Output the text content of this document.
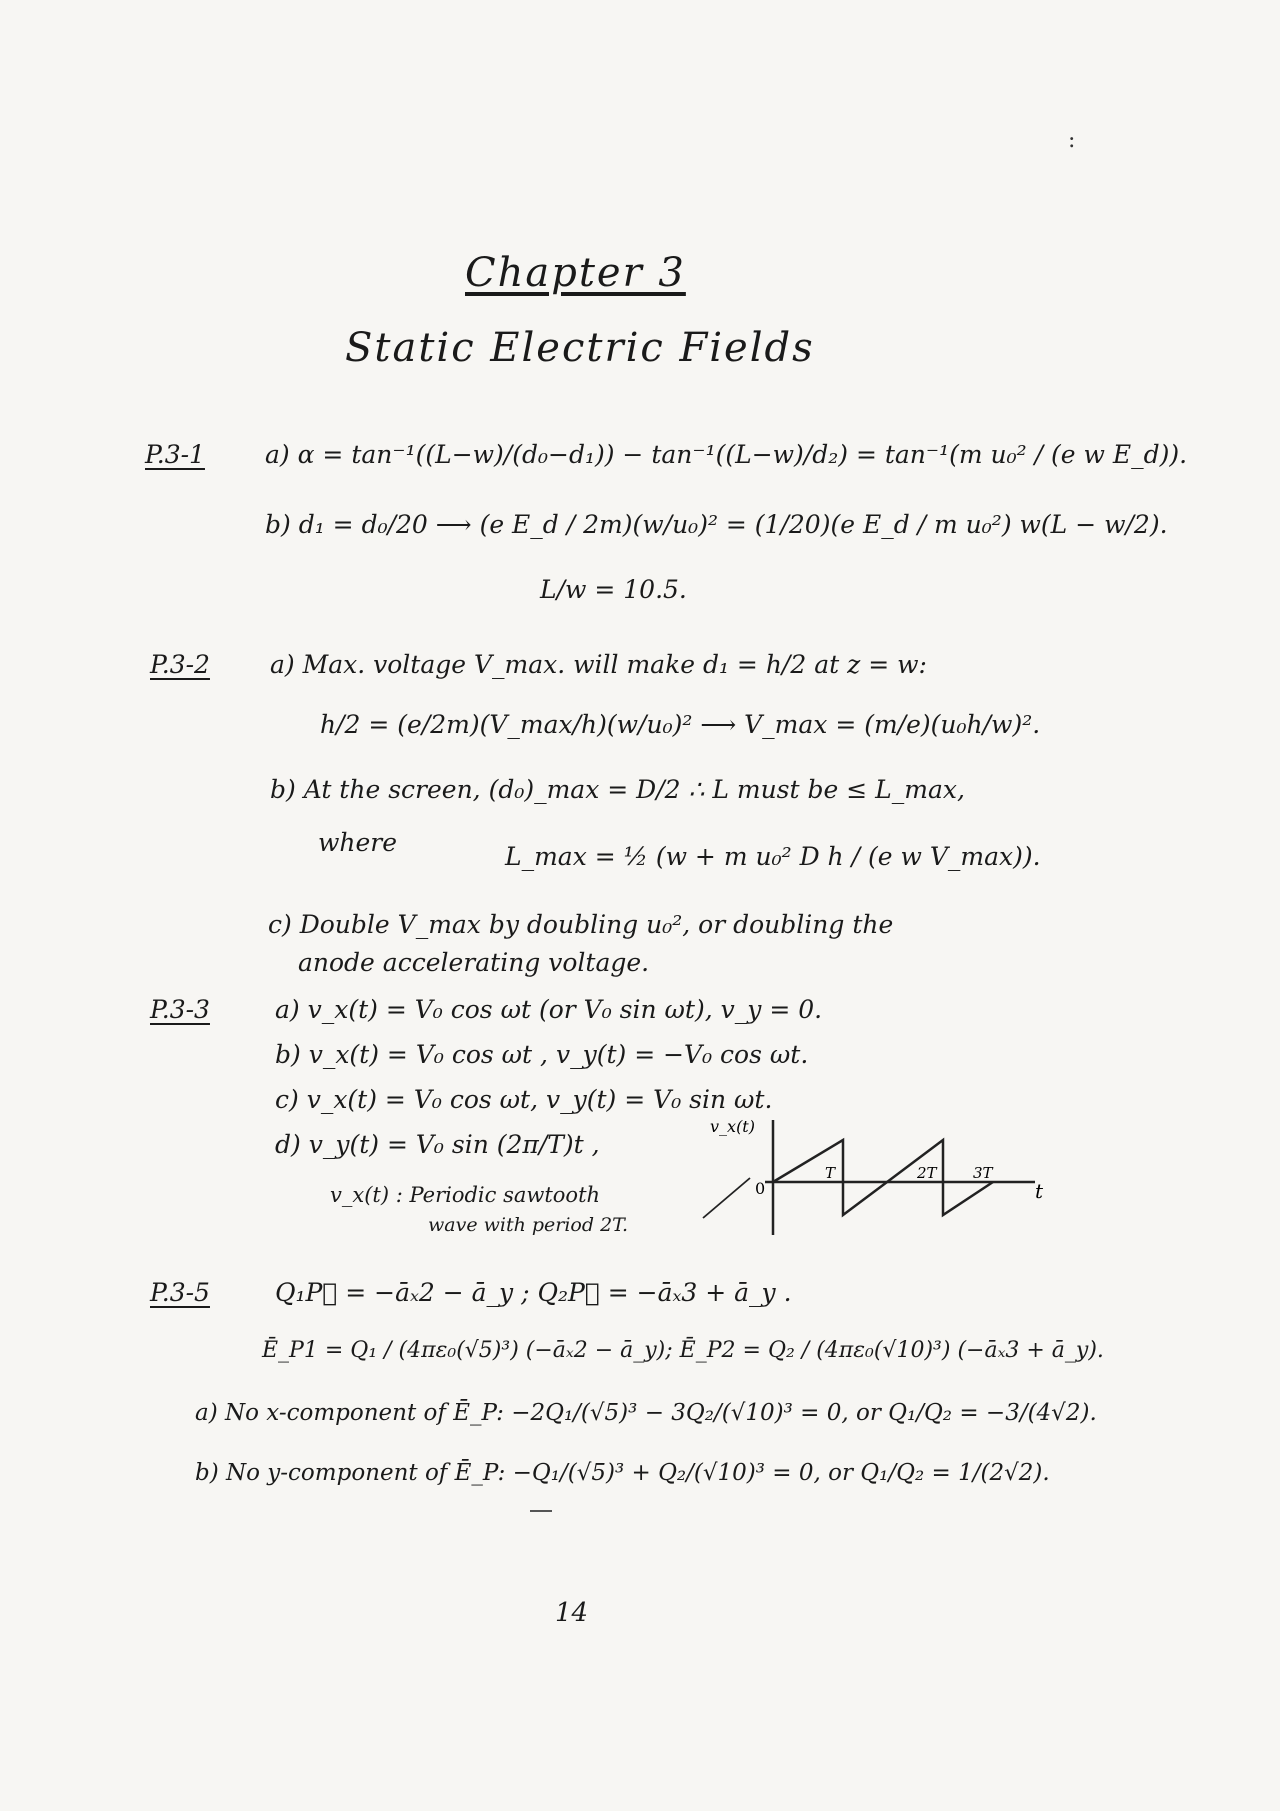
:
Chapter 3
Static Electric Fields
P.3-1 a) α = tan⁻¹((L−w)/(d₀−d₁)) − tan⁻¹((L−w)/d₂) = tan⁻¹(m u₀² / (e w E_d)).
b) d₁ = d₀/20 ⟶ (e E_d / 2m)(w/u₀)² = (1/20)(e E_d / m u₀²) w(L − w/2).
L/w = 10.5.
P.3-2 a) Max. voltage V_max. will make d₁ = h/2 at z = w:
h/2 = (e/2m)(V_max/h)(w/u₀)² ⟶ V_max = (m/e)(u₀h/w)².
b) At the screen, (d₀)_max = D/2 ∴ L must be ≤ L_max,
where	L_max = ½ (w + m u₀² D h / (e w V_max)).
c) Double V_max by doubling u₀², or doubling the
anode accelerating voltage.
P.3-3	a) v_x(t) = V₀ cos ωt (or V₀ sin ωt), v_y = 0.
b) v_x(t) = V₀ cos ωt , v_y(t) = −V₀ cos ωt.
c) v_x(t) = V₀ cos ωt, v_y(t) = V₀ sin ωt.
d) v_y(t) = V₀ sin (2π/T)t ,
v_x(t) : Periodic sawtooth
wave with period 2T.
v_x(t)
0
T	2T 3T
t
P.3-5	Q₁P⃗ = −āₓ2 − ā_y ; Q₂P⃗ = −āₓ3 + ā_y .
Ē_P1 = Q₁ / (4πε₀(√5)³) (−āₓ2 − ā_y); Ē_P2 = Q₂ / (4πε₀(√10)³) (−āₓ3 + ā_y).
a) No x-component of Ē_P: −2Q₁/(√5)³ − 3Q₂/(√10)³ = 0, or Q₁/Q₂ = −3/(4√2).
b) No y-component of Ē_P: −Q₁/(√5)³ + Q₂/(√10)³ = 0, or Q₁/Q₂ = 1/(2√2).
14
